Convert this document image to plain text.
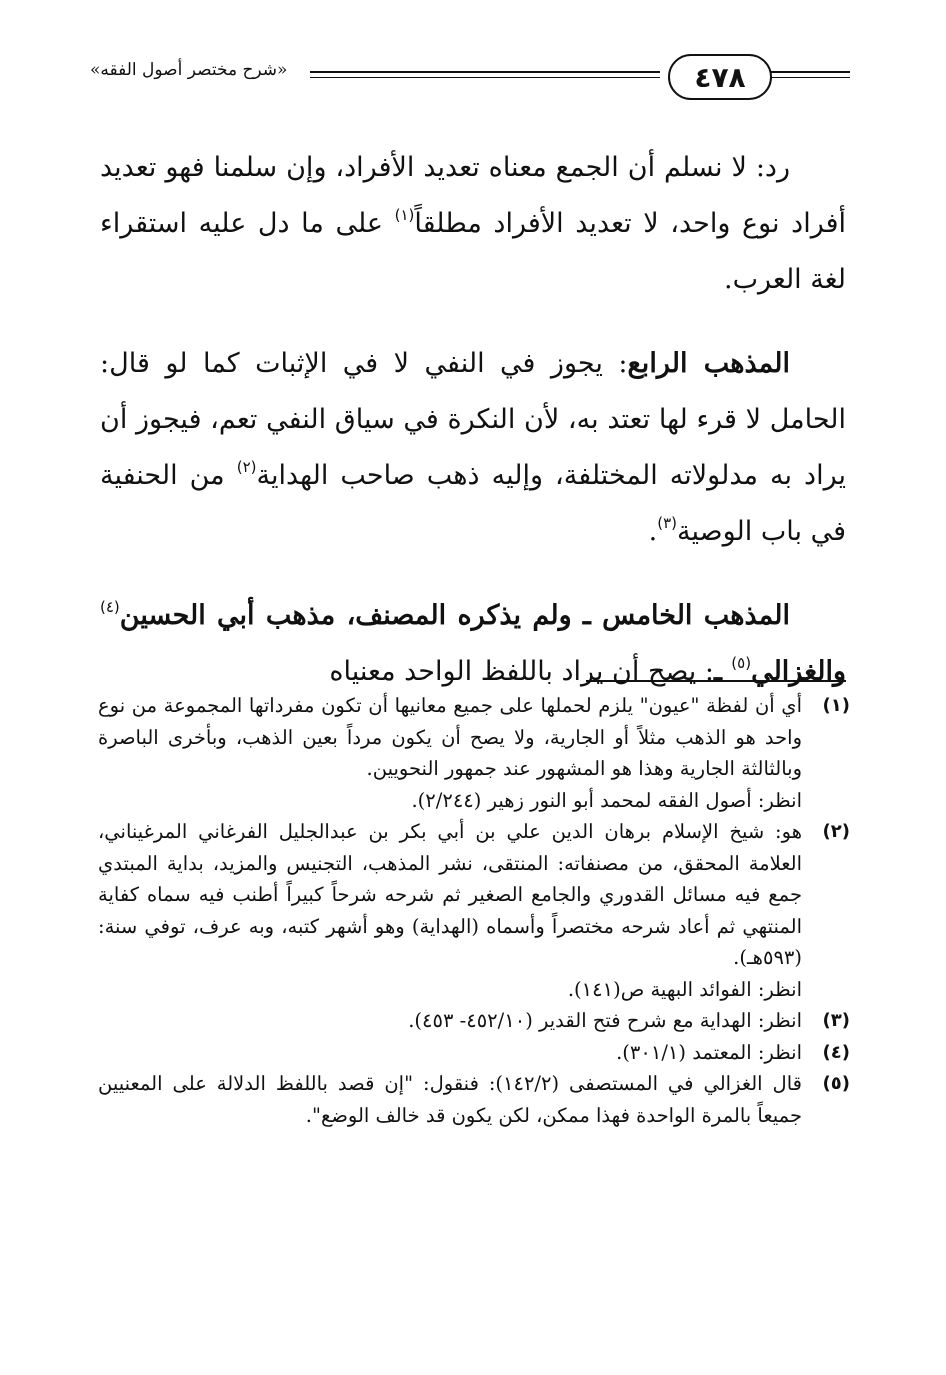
٤٧٨
«شرح مختصر أصول الفقه»

رد: لا نسلم أن الجمع معناه تعديد الأفراد، وإن سلمنا فهو تعديد أفراد نوع واحد، لا تعديد الأفراد مطلقاً$^{(١)}$ على ما دل عليه استقراء لغة العرب.

المذهب الرابع: يجوز في النفي لا في الإثبات كما لو قال: الحامل لا قرء لها تعتد به، لأن النكرة في سياق النفي تعم، فيجوز أن يراد به مدلولاته المختلفة، وإليه ذهب صاحب الهداية$^{(٢)}$ من الحنفية في باب الوصية$^{(٣)}$.

المذهب الخامس ـ ولم يذكره المصنف، مذهب أبي الحسين$^{(٤)}$ والغزالي$^{(٥)}$ ـ: يصح أن يراد باللفظ الواحد معنياه

(١)

أي أن لفظة "عيون" يلزم لحملها على جميع معانيها أن تكون مفرداتها المجموعة من نوع واحد هو الذهب مثلاً أو الجارية، ولا يصح أن يكون مرداً بعين الذهب، وبأخرى الباصرة وبالثالثة الجارية وهذا هو المشهور عند جمهور النحويين.

انظر: أصول الفقه لمحمد أبو النور زهير (٢/٢٤٤).

(٢)

هو: شيخ الإسلام برهان الدين علي بن أبي بكر بن عبدالجليل الفرغاني المرغيناني، العلامة المحقق، من مصنفاته: المنتقى، نشر المذهب، التجنيس والمزيد، بداية المبتدي جمع فيه مسائل القدوري والجامع الصغير ثم شرحه شرحاً كبيراً أطنب فيه سماه كفاية المنتهي ثم أعاد شرحه مختصراً وأسماه (الهداية) وهو أشهر كتبه، وبه عرف، توفي سنة: (٥٩٣هـ).

انظر: الفوائد البهية ص(١٤١).

(٣)

انظر: الهداية مع شرح فتح القدير (٤٥٢/١٠- ٤٥٣).

(٤)

انظر: المعتمد (٣٠١/١).

(٥)

قال الغزالي في المستصفى (١٤٢/٢): فنقول: "إن قصد باللفظ الدلالة على المعنيين جميعاً بالمرة الواحدة فهذا ممكن، لكن يكون قد خالف الوضع".
